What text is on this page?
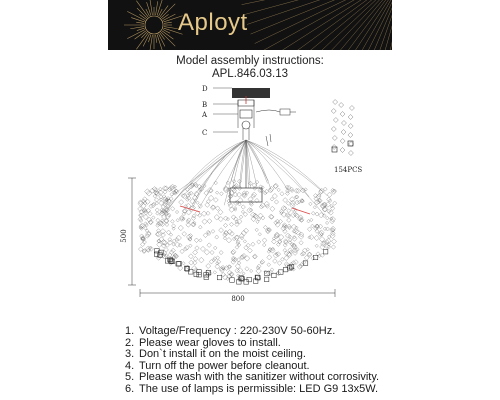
Aployt
Model assembly instructions:
APL.846.03.13
D
B
A
C
500
800
154PCS
1. Voltage/Frequency : 220-230V 50-60Hz.
2. Please wear gloves to install.
3. Don`t install it on the moist ceiling.
4. Turn off the power before cleanout.
5. Please wash with the sanitizer without corrosivity.
6. The use of lamps is permissible: LED G9 13x5W.
